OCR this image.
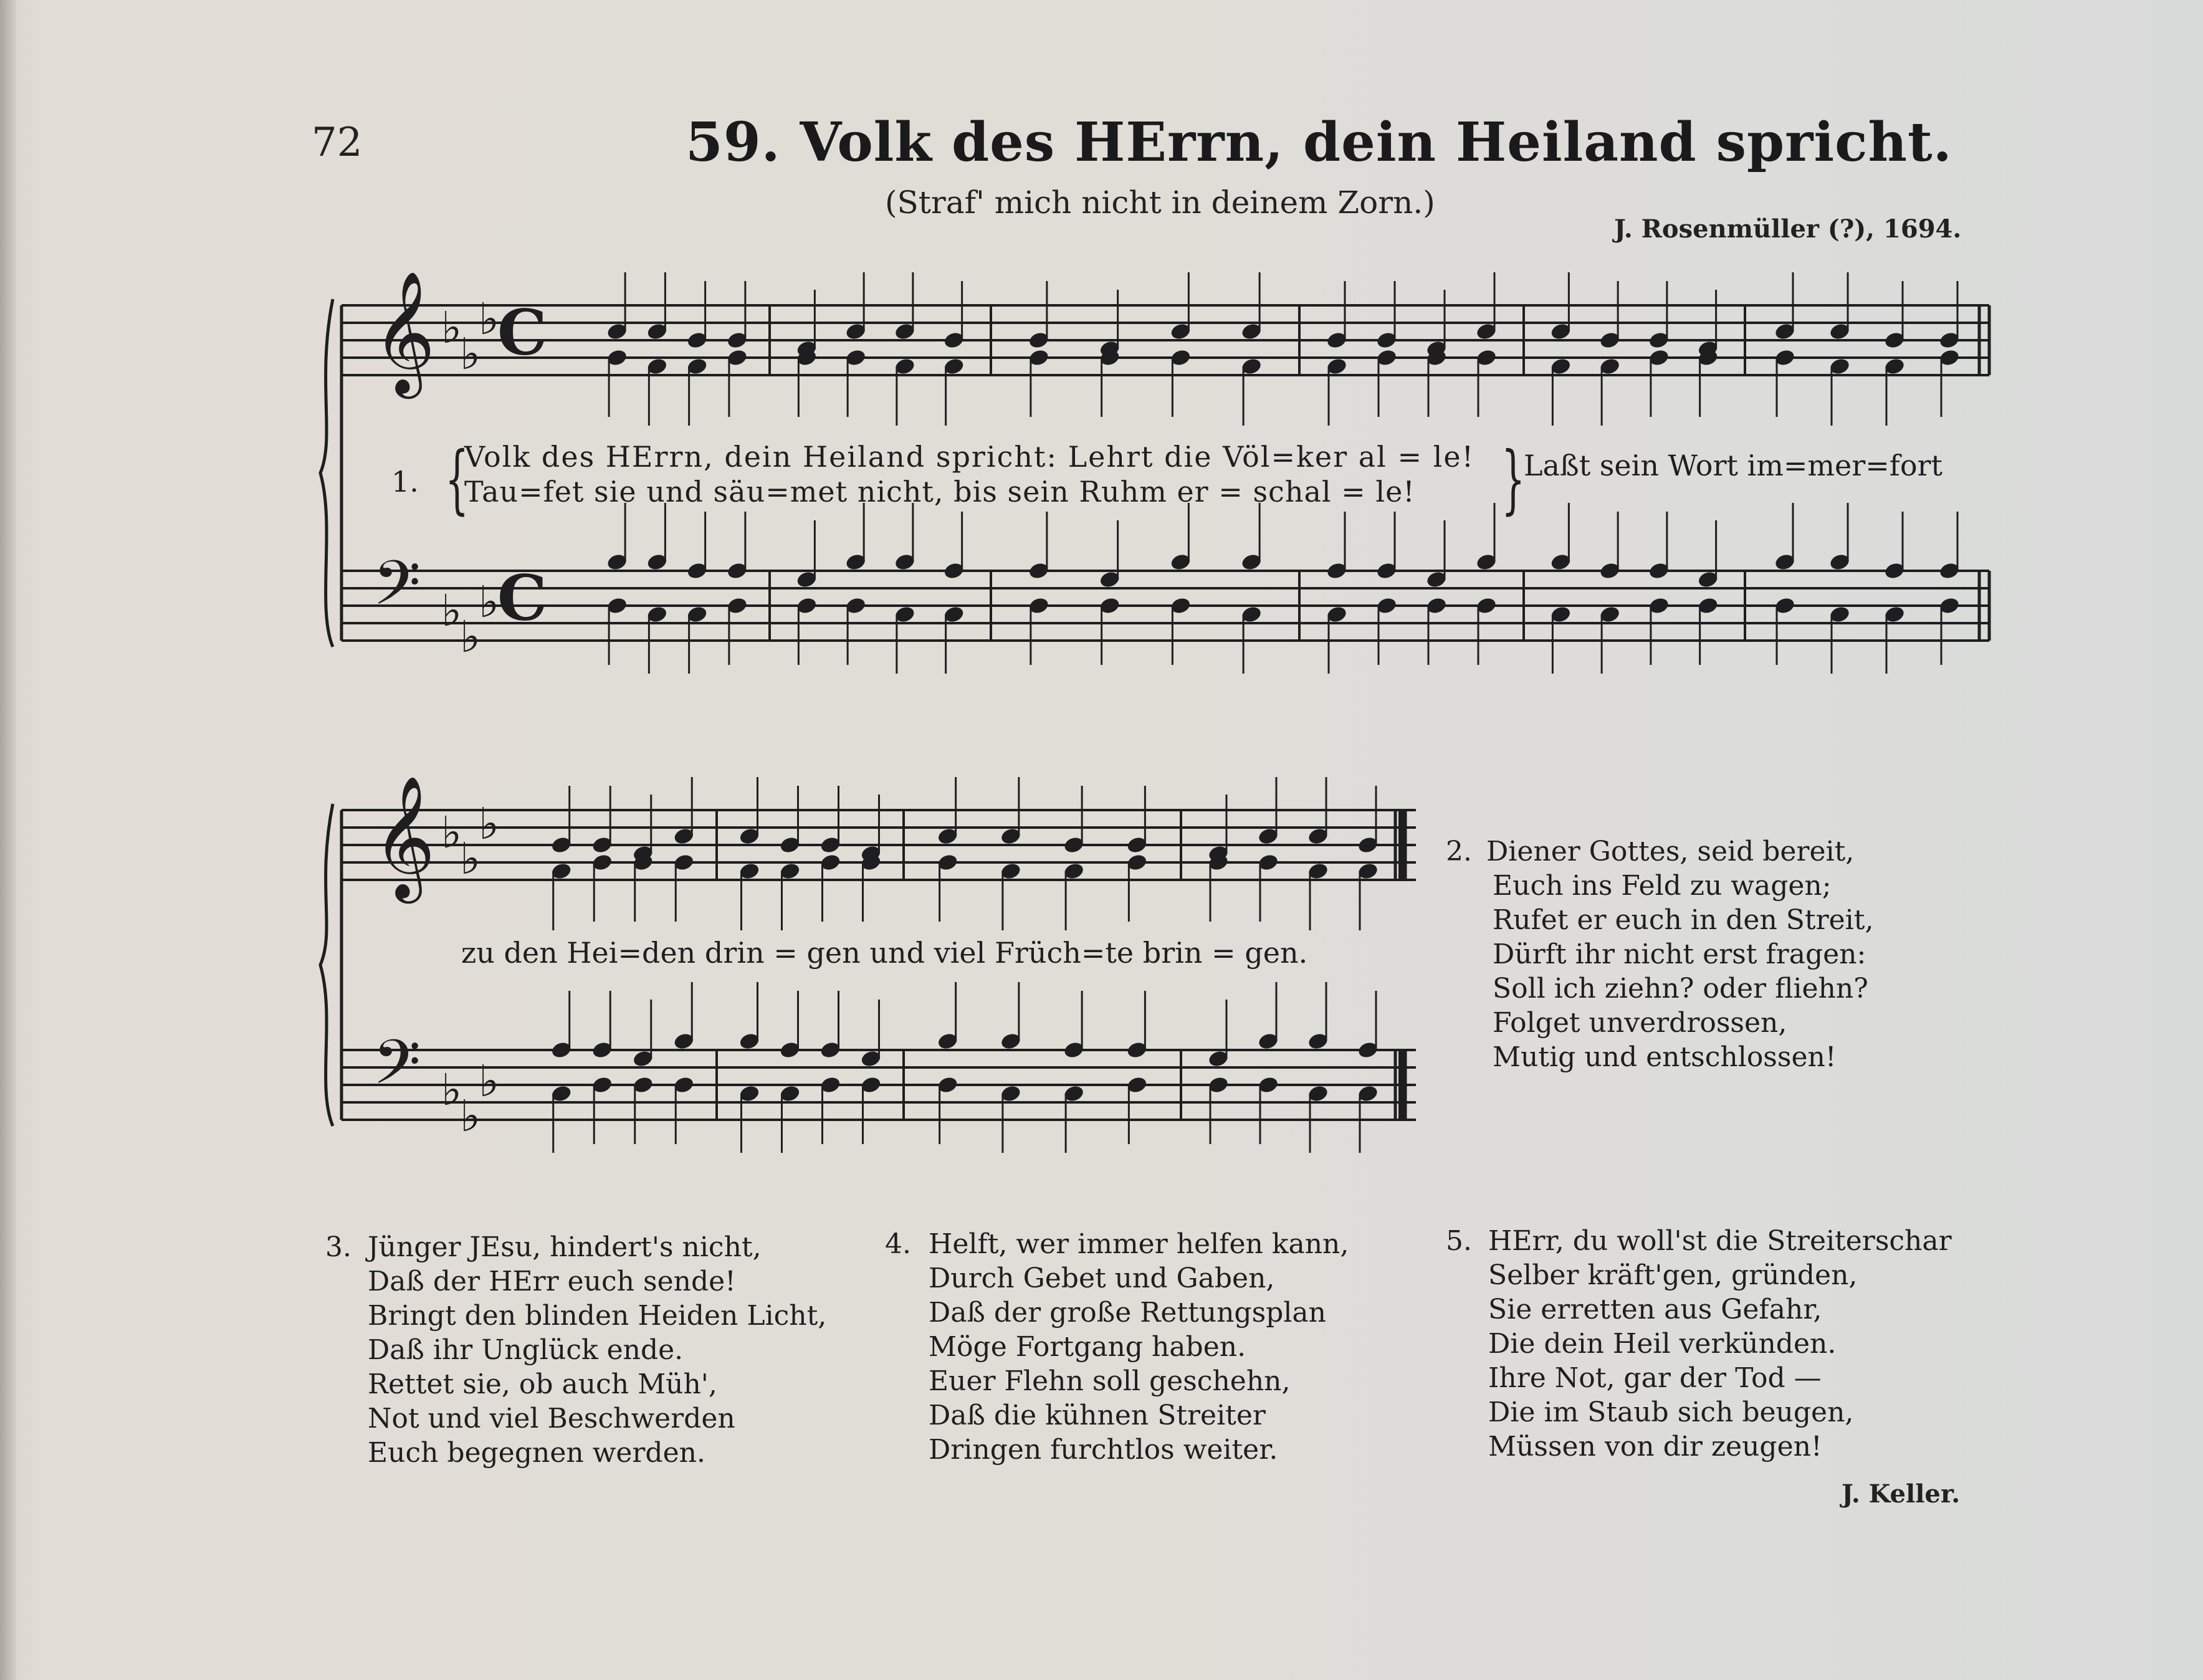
72	59. Volk des HErrn, dein Heiland spricht.
(Straf' mich nicht in deinem Zorn.)
J. Rosenmüller (?), 1694.
𝄞
𝄢
♭
♭
♭
♭
♭
♭
C
C
𝄞
𝄢
♭
♭
♭
♭
♭
♭
1. {
Volk des HErrn, dein Heiland spricht: Lehrt die Völ=ker al = le!
Tau=fet sie und säu=met nicht, bis sein Ruhm er = schal = le! }
Laßt sein Wort im=mer=fort
zu den Hei=den drin = gen und viel Früch=te brin = gen.
2. Diener Gottes, seid bereit,
Euch ins Feld zu wagen;
Rufet er euch in den Streit,
Dürft ihr nicht erst fragen:
Soll ich ziehn? oder fliehn?
Folget unverdrossen,
Mutig und entschlossen!
3. Jünger JEsu, hindert's nicht,
Daß der HErr euch sende!
Bringt den blinden Heiden Licht,
Daß ihr Unglück ende.
Rettet sie, ob auch Müh',
Not und viel Beschwerden
Euch begegnen werden.
4. Helft, wer immer helfen kann,
Durch Gebet und Gaben,
Daß der große Rettungsplan
Möge Fortgang haben.
Euer Flehn soll geschehn,
Daß die kühnen Streiter
Dringen furchtlos weiter.
5. HErr, du woll'st die Streiterschar
Selber kräft'gen, gründen,
Sie erretten aus Gefahr,
Die dein Heil verkünden.
Ihre Not, gar der Tod —
Die im Staub sich beugen,
Müssen von dir zeugen!
J. Keller.
